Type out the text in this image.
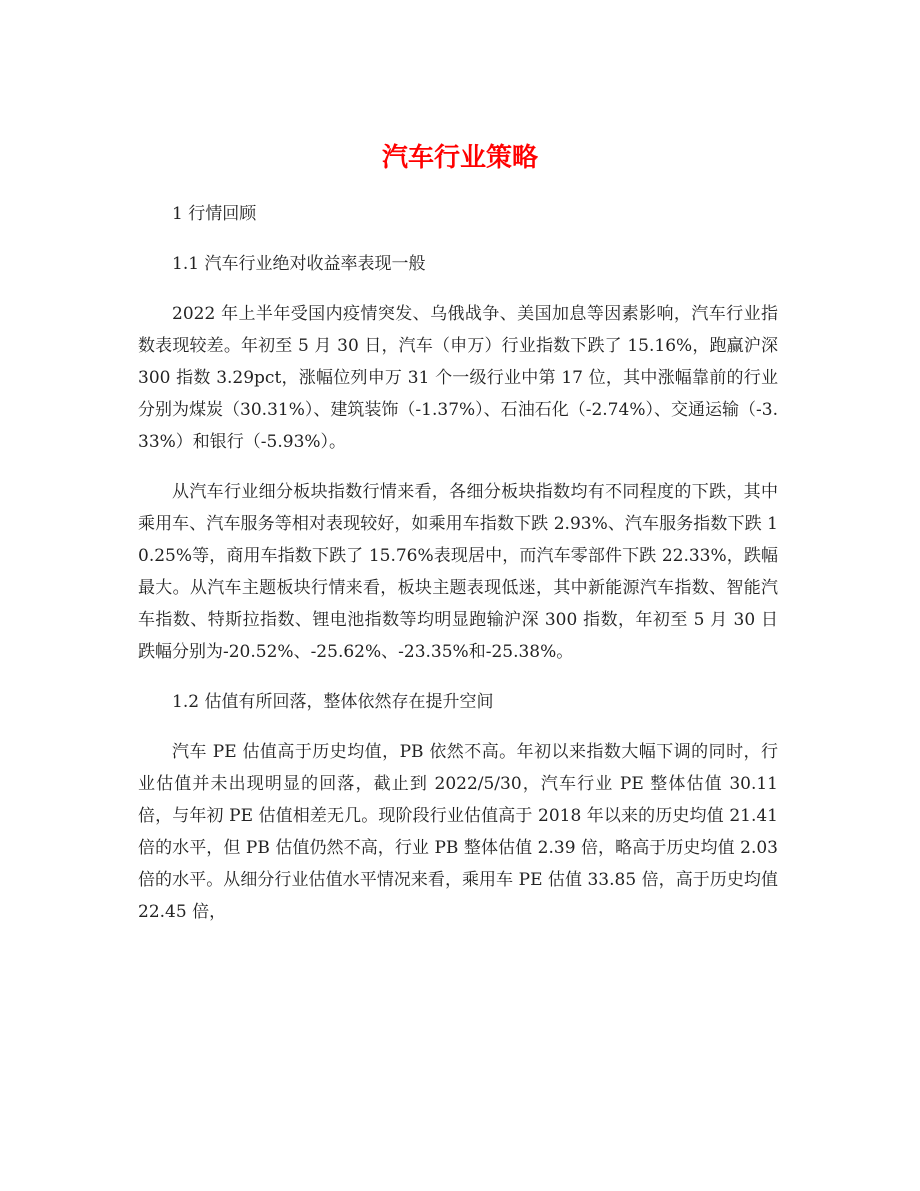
汽车行业策略

1 行情回顾

1.1 汽车行业绝对收益率表现一般

2022 年上半年受国内疫情突发、乌俄战争、美国加息等因素影响，汽车行业指数表现较差。年初至 5 月 30 日，汽车（申万）行业指数下跌了 15.16%，跑赢沪深 300 指数 3.29pct，涨幅位列申万 31 个一级行业中第 17 位，其中涨幅靠前的行业分别为煤炭（30.31%）、建筑装饰（-1.37%）、石油石化（-2.74%）、交通运输（-3.33%）和银行（-5.93%）。

从汽车行业细分板块指数行情来看，各细分板块指数均有不同程度的下跌，其中乘用车、汽车服务等相对表现较好，如乘用车指数下跌 2.93%、汽车服务指数下跌 10.25%等，商用车指数下跌了 15.76%表现居中，而汽车零部件下跌 22.33%，跌幅最大。从汽车主题板块行情来看，板块主题表现低迷，其中新能源汽车指数、智能汽车指数、特斯拉指数、锂电池指数等均明显跑输沪深 300 指数，年初至 5 月 30 日跌幅分别为-20.52%、-25.62%、-23.35%和-25.38%。

1.2 估值有所回落，整体依然存在提升空间

汽车 PE 估值高于历史均值，PB 依然不高。年初以来指数大幅下调的同时，行业估值并未出现明显的回落，截止到 2022/5/30，汽车行业 PE 整体估值 30.11 倍，与年初 PE 估值相差无几。现阶段行业估值高于 2018 年以来的历史均值 21.41 倍的水平，但 PB 估值仍然不高，行业 PB 整体估值 2.39 倍，略高于历史均值 2.03 倍的水平。从细分行业估值水平情况来看，乘用车 PE 估值 33.85 倍，高于历史均值 22.45 倍，
